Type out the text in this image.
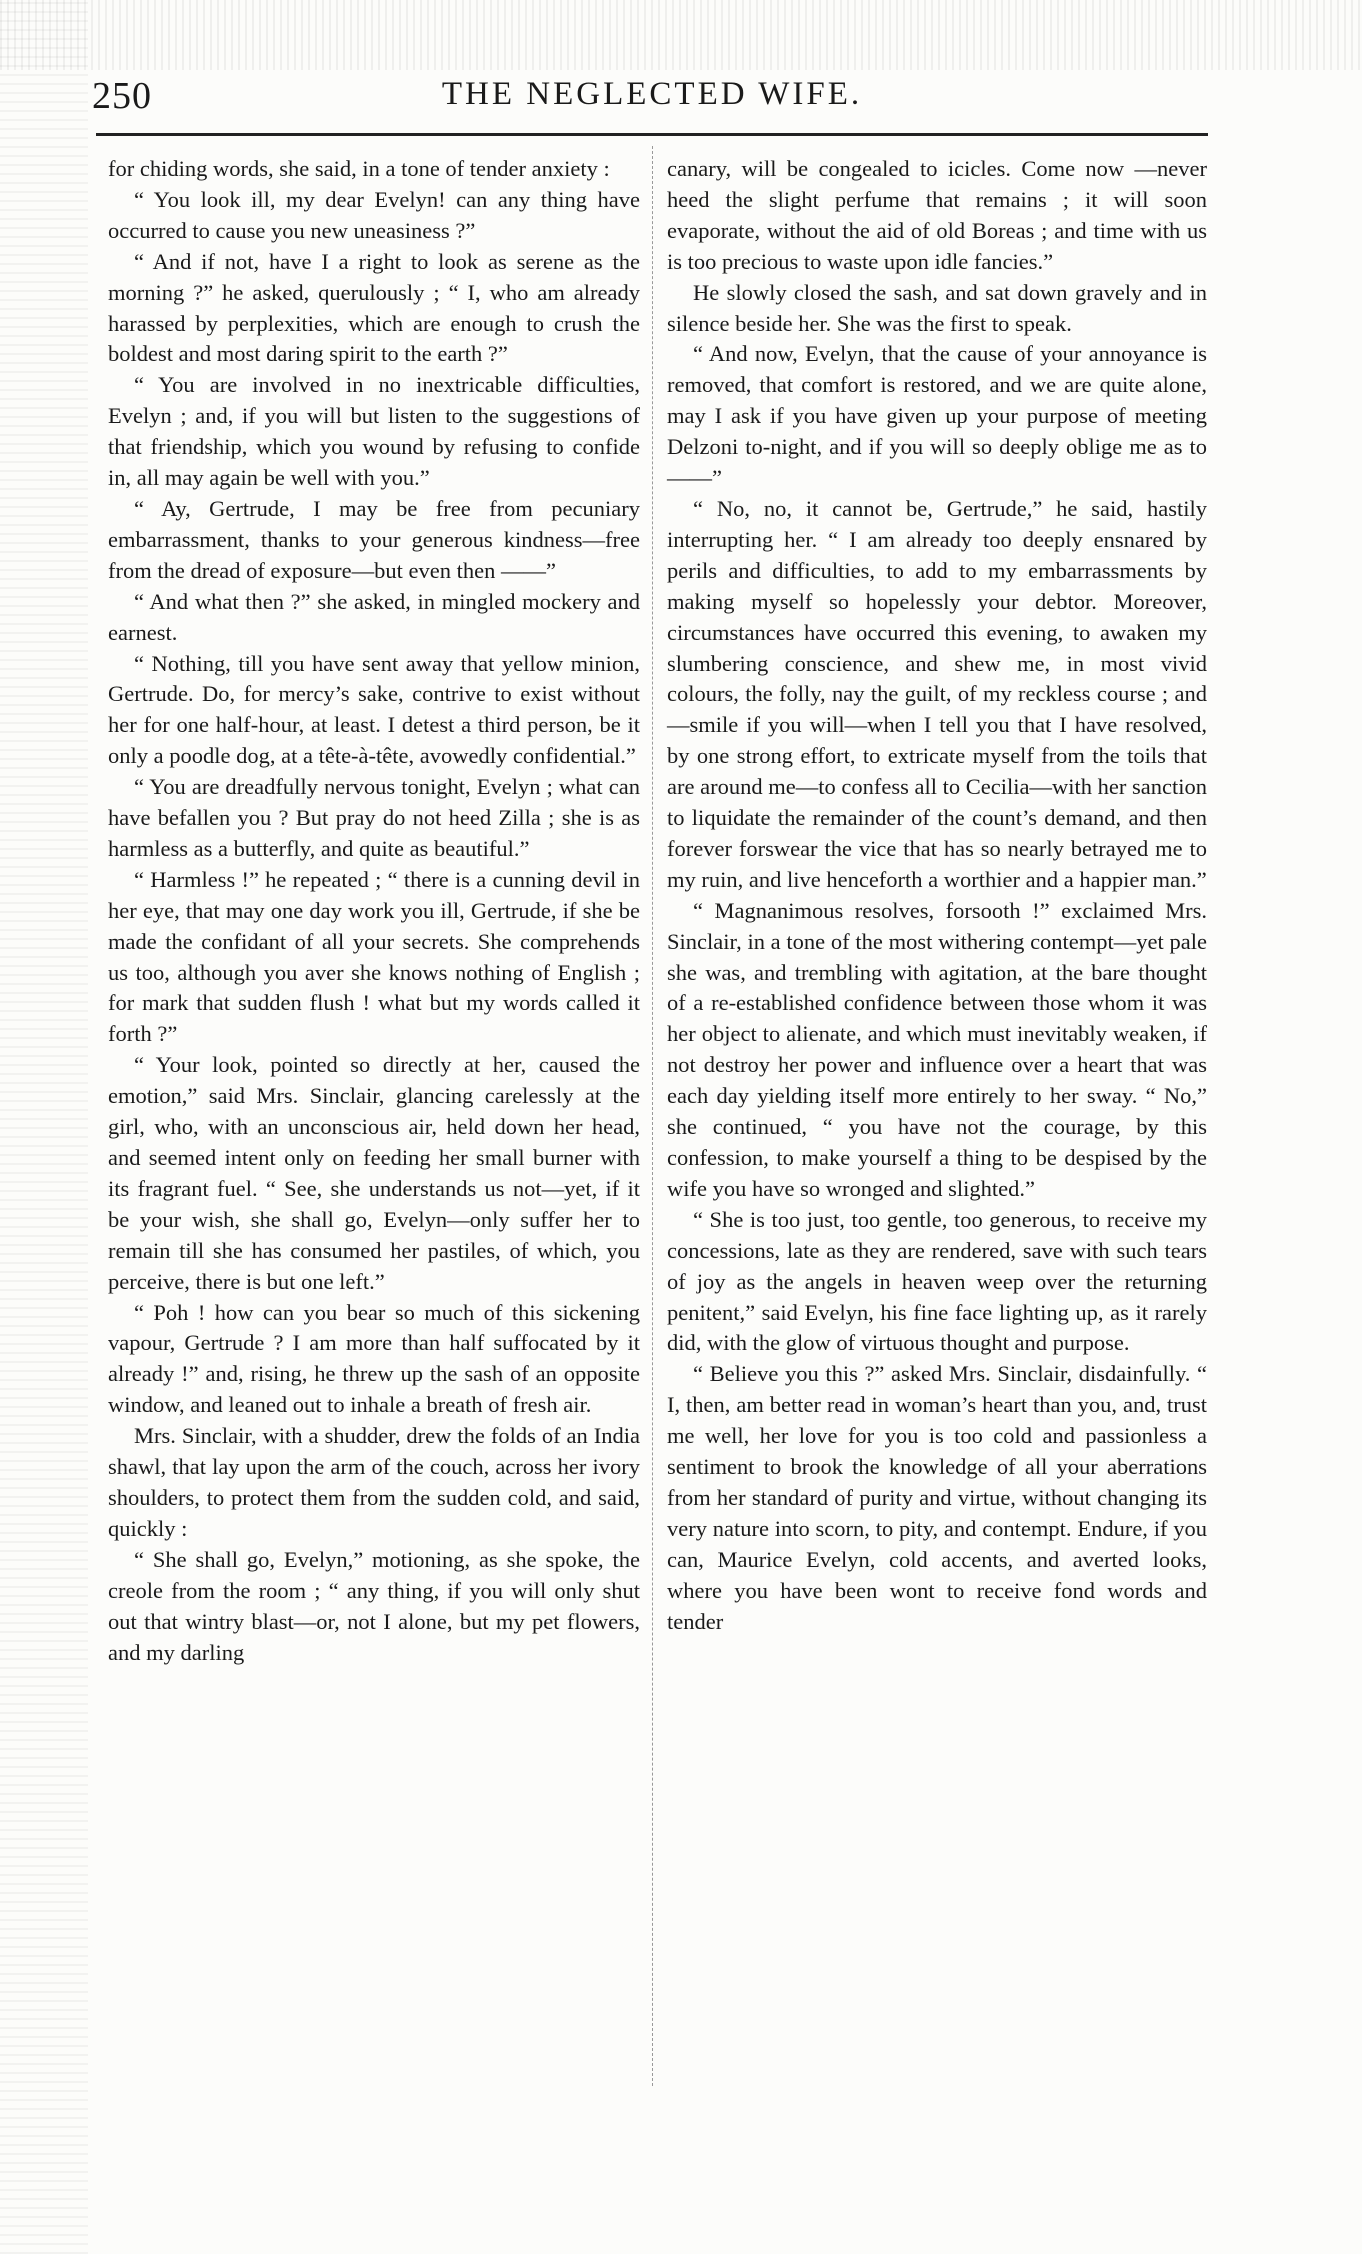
250	THE NEGLECTED WIFE.

for chiding words, she said, in a tone of tender anxiety :

“ You look ill, my dear Evelyn! can any thing have occurred to cause you new uneasiness ?”

“ And if not, have I a right to look as serene as the morning ?” he asked, querulously ; “ I, who am already harassed by perplexities, which are enough to crush the boldest and most daring spirit to the earth ?”

“ You are involved in no inextricable difficulties, Evelyn ; and, if you will but listen to the suggestions of that friendship, which you wound by refusing to confide in, all may again be well with you.”

“ Ay, Gertrude, I may be free from pecuniary embarrassment, thanks to your generous kindness—free from the dread of exposure—but even then ——”

“ And what then ?” she asked, in mingled mockery and earnest.

“ Nothing, till you have sent away that yellow minion, Gertrude. Do, for mercy’s sake, contrive to exist without her for one half-hour, at least. I detest a third person, be it only a poodle dog, at a tête-à-tête, avowedly confidential.”

“ You are dreadfully nervous tonight, Evelyn ; what can have befallen you ? But pray do not heed Zilla ; she is as harmless as a butterfly, and quite as beautiful.”

“ Harmless !” he repeated ; “ there is a cunning devil in her eye, that may one day work you ill, Gertrude, if she be made the confidant of all your secrets. She comprehends us too, although you aver she knows nothing of English ; for mark that sudden flush ! what but my words called it forth ?”

“ Your look, pointed so directly at her, caused the emotion,” said Mrs. Sinclair, glancing carelessly at the girl, who, with an unconscious air, held down her head, and seemed intent only on feeding her small burner with its fragrant fuel. “ See, she understands us not—yet, if it be your wish, she shall go, Evelyn—only suffer her to remain till she has consumed her pastiles, of which, you perceive, there is but one left.”

“ Poh ! how can you bear so much of this sickening vapour, Gertrude ? I am more than half suffocated by it already !” and, rising, he threw up the sash of an opposite window, and leaned out to inhale a breath of fresh air.

Mrs. Sinclair, with a shudder, drew the folds of an India shawl, that lay upon the arm of the couch, across her ivory shoulders, to protect them from the sudden cold, and said, quickly :

“ She shall go, Evelyn,” motioning, as she spoke, the creole from the room ; “ any thing, if you will only shut out that wintry blast—or, not I alone, but my pet flowers, and my darling

canary, will be congealed to icicles. Come now —never heed the slight perfume that remains ; it will soon evaporate, without the aid of old Boreas ; and time with us is too precious to waste upon idle fancies.”

He slowly closed the sash, and sat down gravely and in silence beside her. She was the first to speak.

“ And now, Evelyn, that the cause of your annoyance is removed, that comfort is restored, and we are quite alone, may I ask if you have given up your purpose of meeting Delzoni to-night, and if you will so deeply oblige me as to ——”

“ No, no, it cannot be, Gertrude,” he said, hastily interrupting her. “ I am already too deeply ensnared by perils and difficulties, to add to my embarrassments by making myself so hopelessly your debtor. Moreover, circumstances have occurred this evening, to awaken my slumbering conscience, and shew me, in most vivid colours, the folly, nay the guilt, of my reckless course ; and—smile if you will—when I tell you that I have resolved, by one strong effort, to extricate myself from the toils that are around me—to confess all to Cecilia—with her sanction to liquidate the remainder of the count’s demand, and then forever forswear the vice that has so nearly betrayed me to my ruin, and live henceforth a worthier and a happier man.”

“ Magnanimous resolves, forsooth !” exclaimed Mrs. Sinclair, in a tone of the most withering contempt—yet pale she was, and trembling with agitation, at the bare thought of a re-established confidence between those whom it was her object to alienate, and which must inevitably weaken, if not destroy her power and influence over a heart that was each day yielding itself more entirely to her sway. “ No,” she continued, “ you have not the courage, by this confession, to make yourself a thing to be despised by the wife you have so wronged and slighted.”

“ She is too just, too gentle, too generous, to receive my concessions, late as they are rendered, save with such tears of joy as the angels in heaven weep over the returning penitent,” said Evelyn, his fine face lighting up, as it rarely did, with the glow of virtuous thought and purpose.

“ Believe you this ?” asked Mrs. Sinclair, disdainfully. “ I, then, am better read in woman’s heart than you, and, trust me well, her love for you is too cold and passionless a sentiment to brook the knowledge of all your aberrations from her standard of purity and virtue, without changing its very nature into scorn, to pity, and contempt. Endure, if you can, Maurice Evelyn, cold accents, and averted looks, where you have been wont to receive fond words and tender
